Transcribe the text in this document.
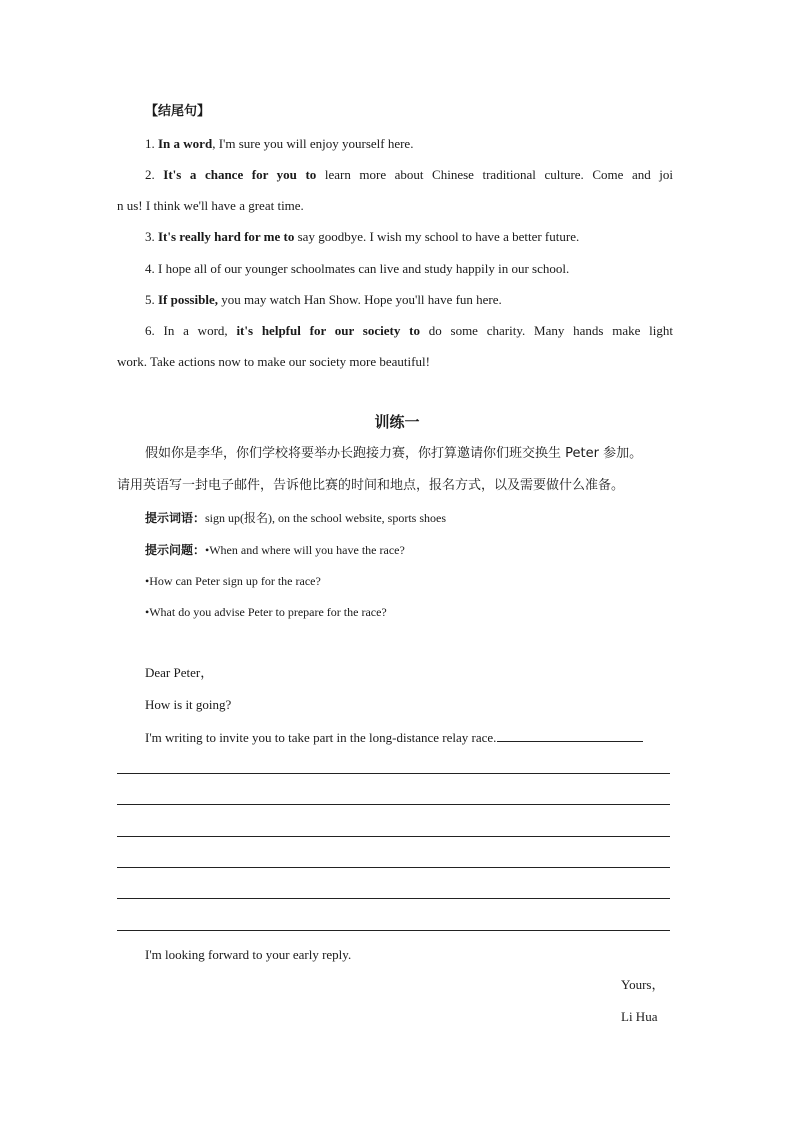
【结尾句】
1. In a word, I'm sure you will enjoy yourself here.
2. It's a chance for you to learn more about Chinese traditional culture. Come and joi
n us! I think we'll have a great time.
3. It's really hard for me to say goodbye. I wish my school to have a better future.
4. I hope all of our younger schoolmates can live and study happily in our school.
5. If possible, you may watch Han Show. Hope you'll have fun here.
6. In a word, it's helpful for our society to do some charity. Many hands make light
work. Take actions now to make our society more beautiful!
训练一
假如你是李华，你们学校将要举办长跑接力赛，你打算邀请你们班交换生 Peter 参加。
请用英语写一封电子邮件，告诉他比赛的时间和地点，报名方式，以及需要做什么准备。
提示词语：sign up(报名), on the school website, sports shoes
提示问题：•When and where will you have the race?
•How can Peter sign up for the race?
•What do you advise Peter to prepare for the race?
Dear Peter，
How is it going?
I'm writing to invite you to take part in the long-distance relay race.
I'm looking forward to your early reply.
Yours，
Li Hua
